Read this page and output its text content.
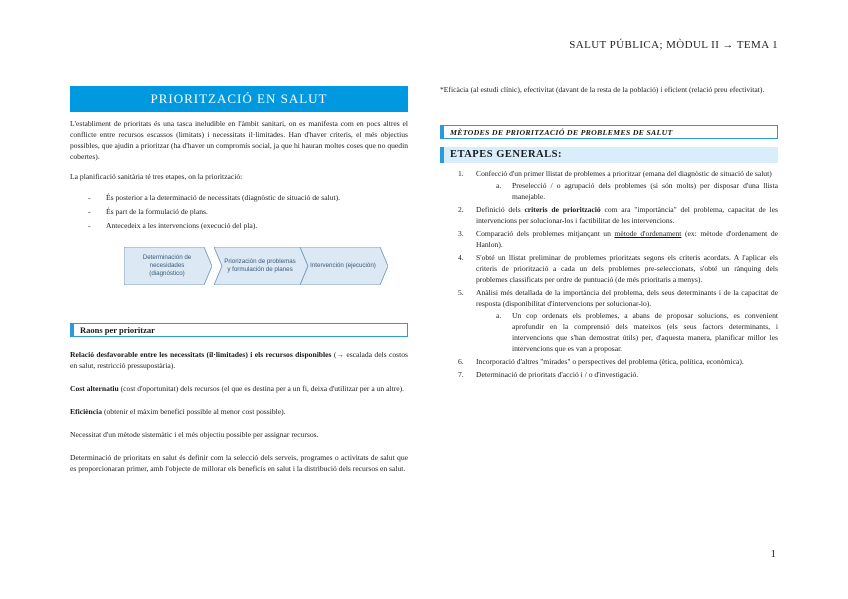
SALUT PÚBLICA; MÒDUL II → TEMA 1
PRIORITZACIÓ EN SALUT

L'establiment de prioritats és una tasca ineludible en l'àmbit sanitari, on es manifesta com en pocs altres el conflicte entre recursos escassos (limitats) i necessitats il·limitades. Han d'haver criteris, el més objectius possibles, que ajudin a prioritzar (ha d'haver un compromís social, ja que hi hauran moltes coses que no quedin cobertes).

La planificació sanitària té tres etapes, on la priorització:

- És posterior a la determinació de necessitats (diagnòstic de situació de salut).
- És part de la formulació de plans.
- Antecedeix a les intervencions (execució del pla).
Determinación de necesidades (diagnóstico)
Priorización de problemas y formulación de planes
Intervención (ejecución)
Raons per prioritzar

Relació desfavorable entre les necessitats (il·limitades) i els recursos disponibles (→ escalada dels costos en salut, restricció pressupostària).

Cost alternatiu (cost d'oportunitat) dels recursos (el que es destina per a un fi, deixa d'utilitzar per a un altre).

Eficiència (obtenir el màxim benefici possible al menor cost possible).

Necessitat d'un mètode sistemàtic i el més objectiu possible per assignar recursos.

Determinació de prioritats en salut és definir com la selecció dels serveis, programes o activitats de salut que es proporcionaran primer, amb l'objecte de millorar els beneficis en salut i la distribució dels recursos en salut.

*Eficàcia (al estudi clínic), efectivitat (davant de la resta de la població) i eficient (relació preu efectivitat).

MÈTODES DE PRIORITZACIÓ DE PROBLEMES DE SALUT
ETAPES GENERALS:
1. Confecció d'un primer llistat de problemes a prioritzar (emana del diagnòstic de situació de salut)
a. Preselecció / o agrupació dels problemes (si són molts) per disposar d'una llista manejable.
2. Definició dels criteris de priorització com ara "importància" del problema, capacitat de les intervencions per solucionar-los i factibilitat de les intervencions.
3. Comparació dels problemes mitjançant un mètode d'ordenament (ex: mètode d'ordenament de Hanlon).
4. S'obté un llistat preliminar de problemes prioritzats segons els criteris acordats. A l'aplicar els criteris de priorització a cada un dels problemes pre-seleccionats, s'obté un rànquing dels problemes classificats per ordre de puntuació (de més prioritaris a menys).
5. Anàlisi més detallada de la importància del problema, dels seus determinants i de la capacitat de resposta (disponibilitat d'intervencions per solucionar-lo).
a. Un cop ordenats els problemes, a abans de proposar solucions, es convenient aprofundir en la comprensió dels mateixos (els seus factors determinants, i intervencions que s'han demostrat útils) per, d'aquesta manera, planificar millor les intervencions que es van a proposar.
6. Incorporació d'altres "mirades" o perspectives del problema (ètica, política, econòmica).
7. Determinació de prioritats d'acció i / o d'investigació.
1
